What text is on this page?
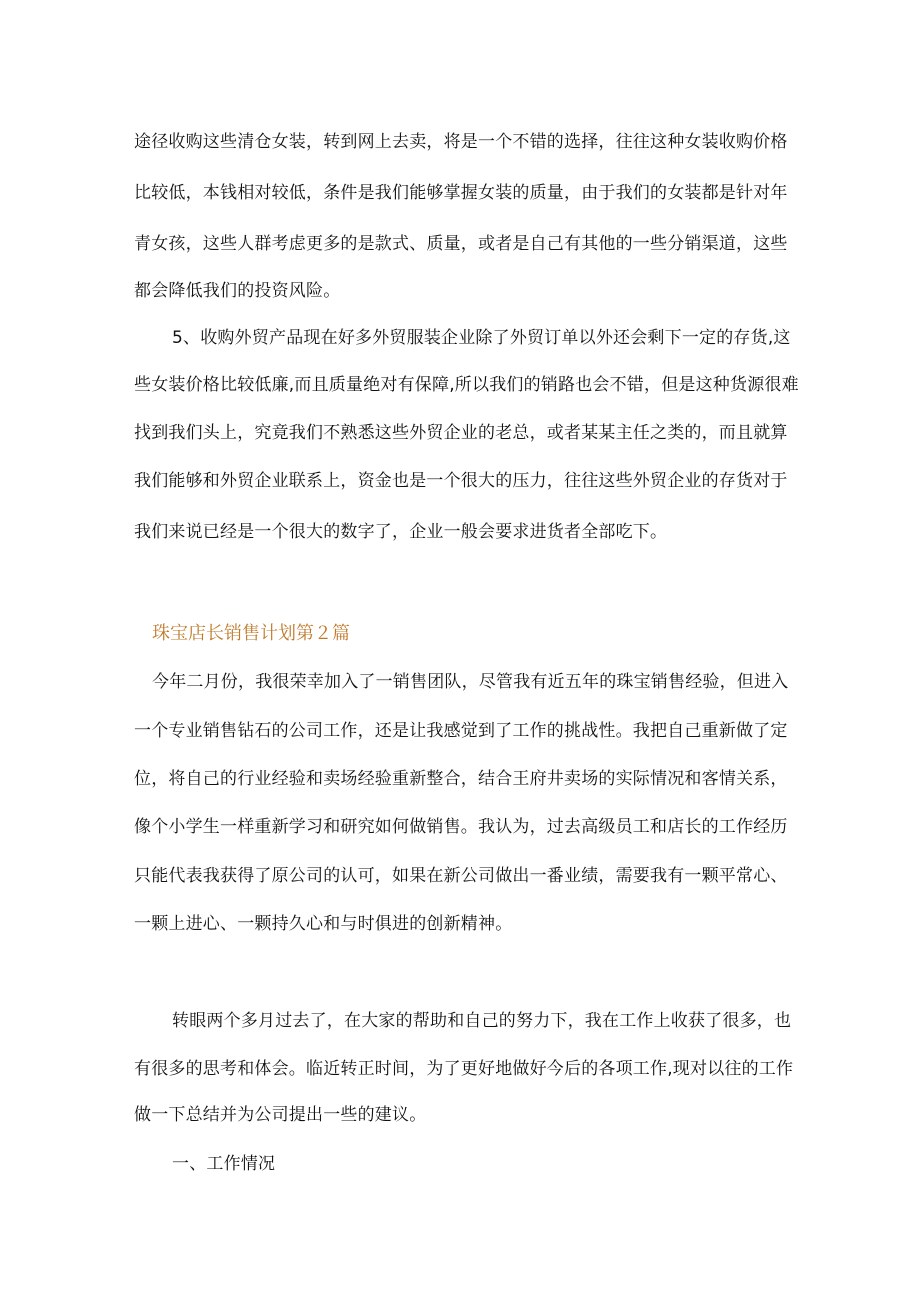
途径收购这些清仓女装，转到网上去卖，将是一个不错的选择，往往这种女装收购价格
比较低，本钱相对较低，条件是我们能够掌握女装的质量，由于我们的女装都是针对年
青女孩，这些人群考虑更多的是款式、质量，或者是自己有其他的一些分销渠道，这些
都会降低我们的投资风险。
5、收购外贸产品现在好多外贸服装企业除了外贸订单以外还会剩下一定的存货,这
些女装价格比较低廉,而且质量绝对有保障,所以我们的销路也会不错，但是这种货源很难
找到我们头上，究竟我们不熟悉这些外贸企业的老总，或者某某主任之类的，而且就算
我们能够和外贸企业联系上，资金也是一个很大的压力，往往这些外贸企业的存货对于
我们来说已经是一个很大的数字了，企业一般会要求进货者全部吃下。
珠宝店长销售计划第２篇
今年二月份，我很荣幸加入了一销售团队，尽管我有近五年的珠宝销售经验，但进入
一个专业销售钻石的公司工作，还是让我感觉到了工作的挑战性。我把自己重新做了定
位，将自己的行业经验和卖场经验重新整合，结合王府井卖场的实际情况和客情关系，
像个小学生一样重新学习和研究如何做销售。我认为，过去高级员工和店长的工作经历
只能代表我获得了原公司的认可，如果在新公司做出一番业绩，需要我有一颗平常心、
一颗上进心、一颗持久心和与时俱进的创新精神。
转眼两个多月过去了，在大家的帮助和自己的努力下，我在工作上收获了很多，也
有很多的思考和体会。临近转正时间，为了更好地做好今后的各项工作,现对以往的工作
做一下总结并为公司提出一些的建议。
一、工作情况
